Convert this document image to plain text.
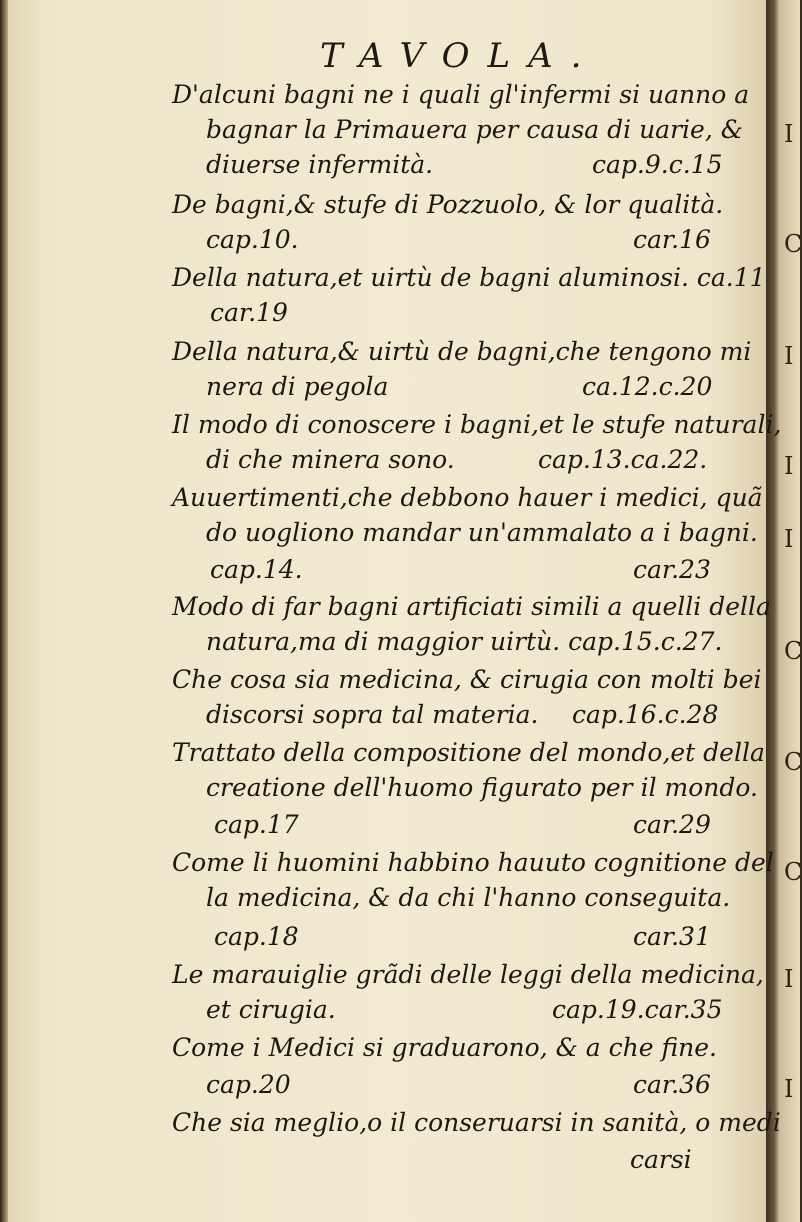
TAVOLA.
D'alcuni bagni ne i quali gl'infermi si uanno a
bagnar la Primauera per causa di uarie, &
diuerse infermità.	cap.9.c.15
De bagni,& stufe di Pozzuolo, & lor qualità.
cap.10.	car.16
Della natura,et uirtù de bagni aluminosi. ca.11
car.19
Della natura,& uirtù de bagni,che tengono mi
nera di pegola	ca.12.c.20
Il modo di conoscere i bagni,et le stufe naturali,
di che minera sono.	cap.13.ca.22.
Auuertimenti,che debbono hauer i medici, quã
do uogliono mandar un'ammalato a i bagni.
cap.14.	car.23
Modo di far bagni artificiati simili a quelli della
natura,ma di maggior uirtù. cap.15.c.27.
Che cosa sia medicina, & cirugia con molti bei
discorsi sopra tal materia. cap.16.c.28
Trattato della compositione del mondo,et della
creatione dell'huomo figurato per il mondo.
cap.17	car.29
Come li huomini habbino hauuto cognitione del
la medicina, & da chi l'hanno conseguita.
cap.18	car.31
Le marauiglie grãdi delle leggi della medicina,
et cirugia.	cap.19.car.35
Come i Medici si graduarono, & a che fine.
cap.20	car.36
Che sia meglio,o il conseruarsi in sanità, o medi
carsi
I
C
I
I
I
C
C
C
I
I
